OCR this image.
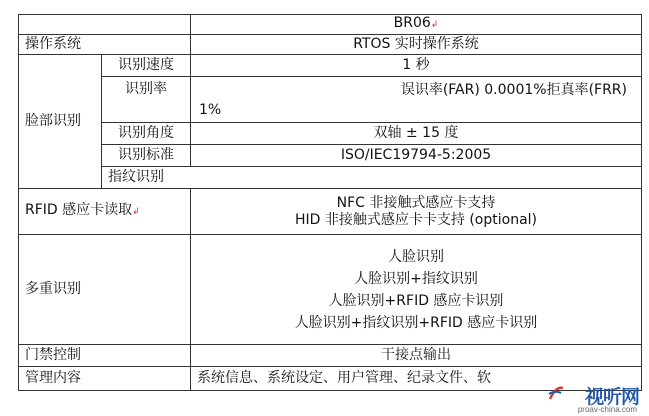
		BR06↲	
操作系统		RTOS 实时操作系统	
脸部识别	识别速度	1 秒	
	识别率	误识率(FAR) 0.0001%拒真率(FRR)
1%	

	识别角度	双轴 ± 15 度	
	识别标准	ISO/IEC19794-5:2005	
	指纹识别	
RFID 感应卡读取↲		NFC 非接触式感应卡支持
HID 非接触式感应卡卡支持 (optional)	

多重识别		人脸识别
人脸识别+指纹识别
人脸识别+RFID 感应卡识别
人脸识别+指纹识别+RFID 感应卡识别	

门禁控制		干接点输出	
管理内容		系统信息、系统设定、用户管理、纪录文件、软	
视听网
proav-china.com
